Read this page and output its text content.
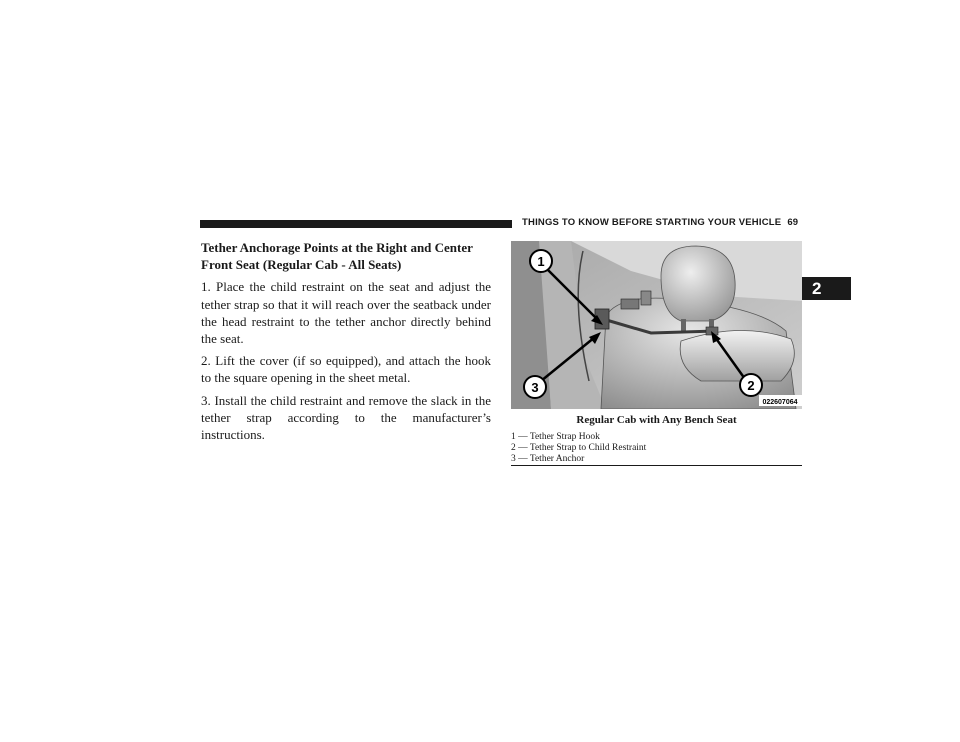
THINGS TO KNOW BEFORE STARTING YOUR VEHICLE 69
2
Tether Anchorage Points at the Right and Center Front Seat (Regular Cab - All Seats)

1. Place the child restraint on the seat and adjust the tether strap so that it will reach over the seatback under the head restraint to the tether anchor directly behind the seat.

2. Lift the cover (if so equipped), and attach the hook to the square opening in the sheet metal.

3. Install the child restraint and remove the slack in the tether strap according to the manufacturer’s instructions.

1
2
3
022607064
Regular Cab with Any Bench Seat
1 — Tether Strap Hook
2 — Tether Strap to Child Restraint
3 — Tether Anchor
